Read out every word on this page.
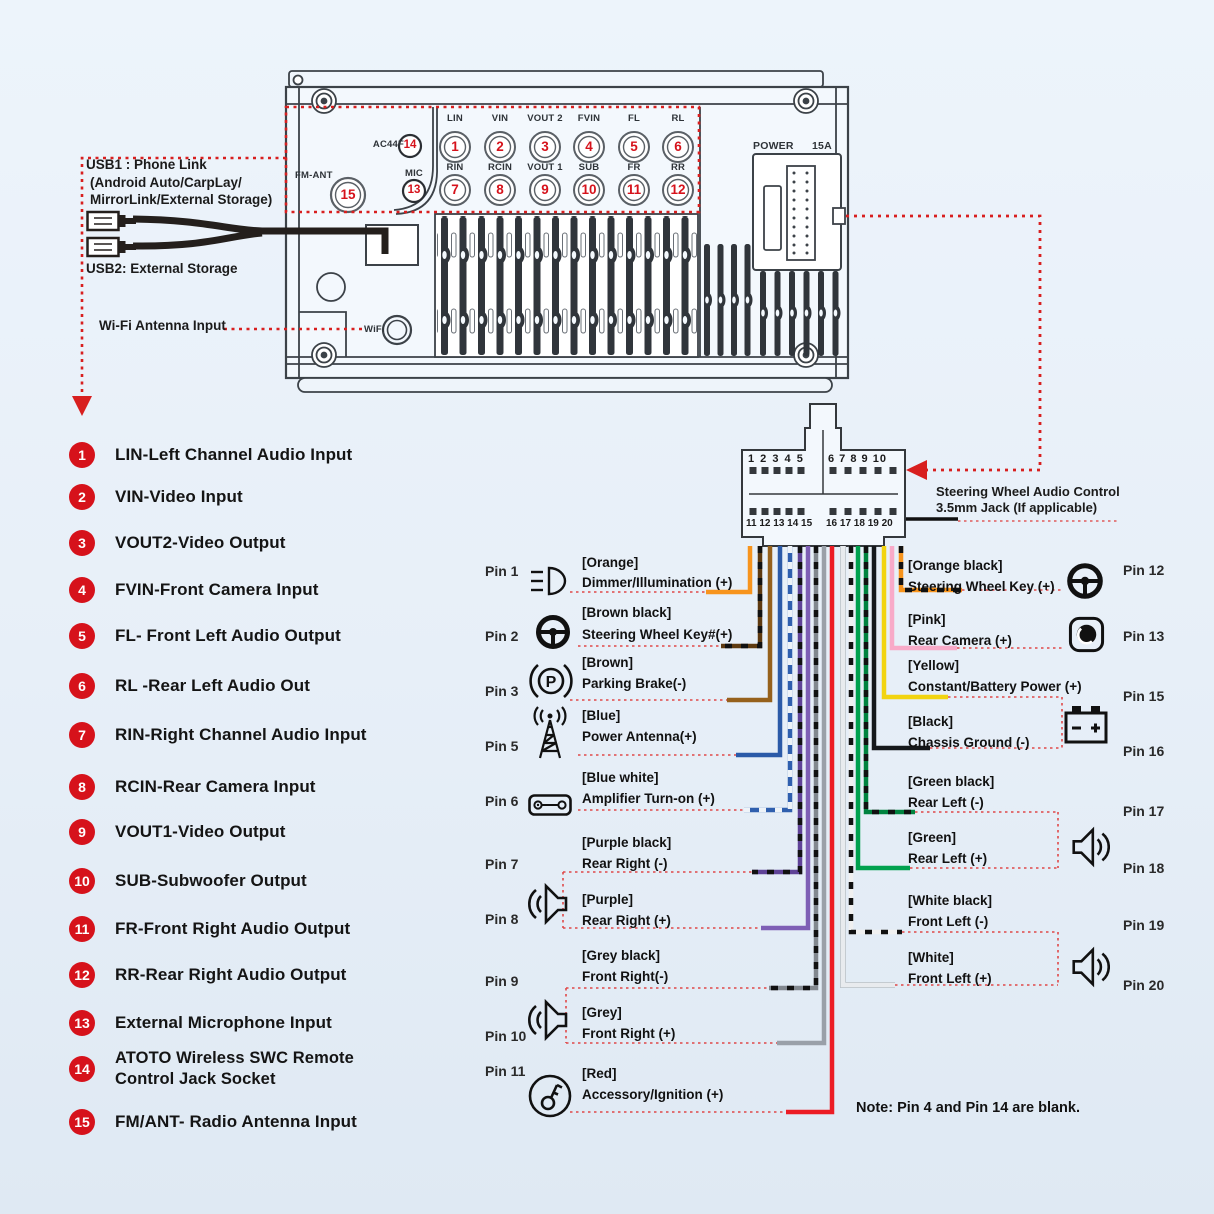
FM-ANT
AC44F
MIC
14
13
15
WiFi
POWER 15A
LIN	VIN	VOUT 2	FVIN	FL	RL
1	2	3	4	5	6
RIN	RCIN	VOUT 1	SUB	FR	RR
7	8	9	10	11	12
USB1 : Phone Link
(Android Auto/CarpLay/
MirrorLink/External Storage)
USB2: External Storage
Wi-Fi Antenna Input
1	LIN-Left Channel Audio Input
2	VIN-Video Input
3	VOUT2-Video Output
4	FVIN-Front Camera Input
5	FL- Front Left Audio Output
6	RL -Rear Left Audio Out
7	RIN-Right Channel Audio Input
8	RCIN-Rear Camera Input
9	VOUT1-Video Output
10	SUB-Subwoofer Output
11	FR-Front Right Audio Output
12	RR-Rear Right Audio Output
13	External Microphone Input
14
ATOTO Wireless SWC Remote Control Jack Socket
15	FM/ANT- Radio Antenna Input
1 2 3 4 5 6 7 8 9 10
11 12 13 14 15 16 17 18 19 20
Steering Wheel Audio Control
3.5mm Jack (If applicable)
Pin 1
[Orange]
Dimmer/Illumination (+)
Pin 2
[Brown black]
Steering Wheel Key#(+)
Pin 3
[Brown]
Parking Brake(-)
Pin 5
[Blue]
Power Antenna(+)
Pin 6
[Blue white]
Amplifier Turn-on (+)
Pin 7
[Purple black]
Rear Right (-)
Pin 8
[Purple]
Rear Right (+)
Pin 9
[Grey black]
Front Right(-)
Pin 10
[Grey]
Front Right (+)
Pin 11	[Red]
Accessory/Ignition (+)
Pin 12
[Orange black]
Steering Wheel Key (+)
Pin 13
[Pink]
Rear Camera (+)
Pin 15
[Yellow]
Constant/Battery Power (+)
Pin 16
[Black]
Chassis Ground (-)
Pin 17
[Green black]
Rear Left (-)
Pin 18
[Green]
Rear Left (+)
Pin 19
[White black]
Front Left (-)
Pin 20
[White]
Front Left (+)
P
Note: Pin 4 and Pin 14 are blank.
